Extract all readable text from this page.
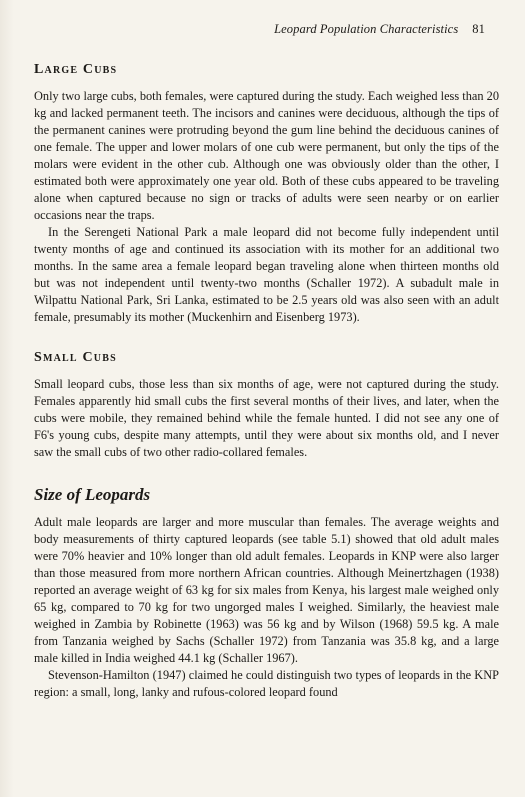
Leopard Population Characteristics 81
Large Cubs

Only two large cubs, both females, were captured during the study. Each weighed less than 20 kg and lacked permanent teeth. The incisors and canines were deciduous, although the tips of the permanent canines were protruding beyond the gum line behind the deciduous canines of one female. The upper and lower molars of one cub were permanent, but only the tips of the molars were evident in the other cub. Although one was obviously older than the other, I estimated both were approximately one year old. Both of these cubs appeared to be traveling alone when captured because no sign or tracks of adults were seen nearby or on earlier occasions near the traps.

In the Serengeti National Park a male leopard did not become fully independent until twenty months of age and continued its association with its mother for an additional two months. In the same area a female leopard began traveling alone when thirteen months old but was not independent until twenty-two months (Schaller 1972). A subadult male in Wilpattu National Park, Sri Lanka, estimated to be 2.5 years old was also seen with an adult female, presumably its mother (Muckenhirn and Eisenberg 1973).

Small Cubs

Small leopard cubs, those less than six months of age, were not captured during the study. Females apparently hid small cubs the first several months of their lives, and later, when the cubs were mobile, they remained behind while the female hunted. I did not see any one of F6's young cubs, despite many attempts, until they were about six months old, and I never saw the small cubs of two other radio-collared females.

Size of Leopards

Adult male leopards are larger and more muscular than females. The average weights and body measurements of thirty captured leopards (see table 5.1) showed that old adult males were 70% heavier and 10% longer than old adult females. Leopards in KNP were also larger than those measured from more northern African countries. Although Meinertzhagen (1938) reported an average weight of 63 kg for six males from Kenya, his largest male weighed only 65 kg, compared to 70 kg for two ungorged males I weighed. Similarly, the heaviest male weighed in Zambia by Robinette (1963) was 56 kg and by Wilson (1968) 59.5 kg. A male from Tanzania weighed by Sachs (Schaller 1972) from Tanzania was 35.8 kg, and a large male killed in India weighed 44.1 kg (Schaller 1967).

Stevenson-Hamilton (1947) claimed he could distinguish two types of leopards in the KNP region: a small, long, lanky and rufous-colored leopard found
